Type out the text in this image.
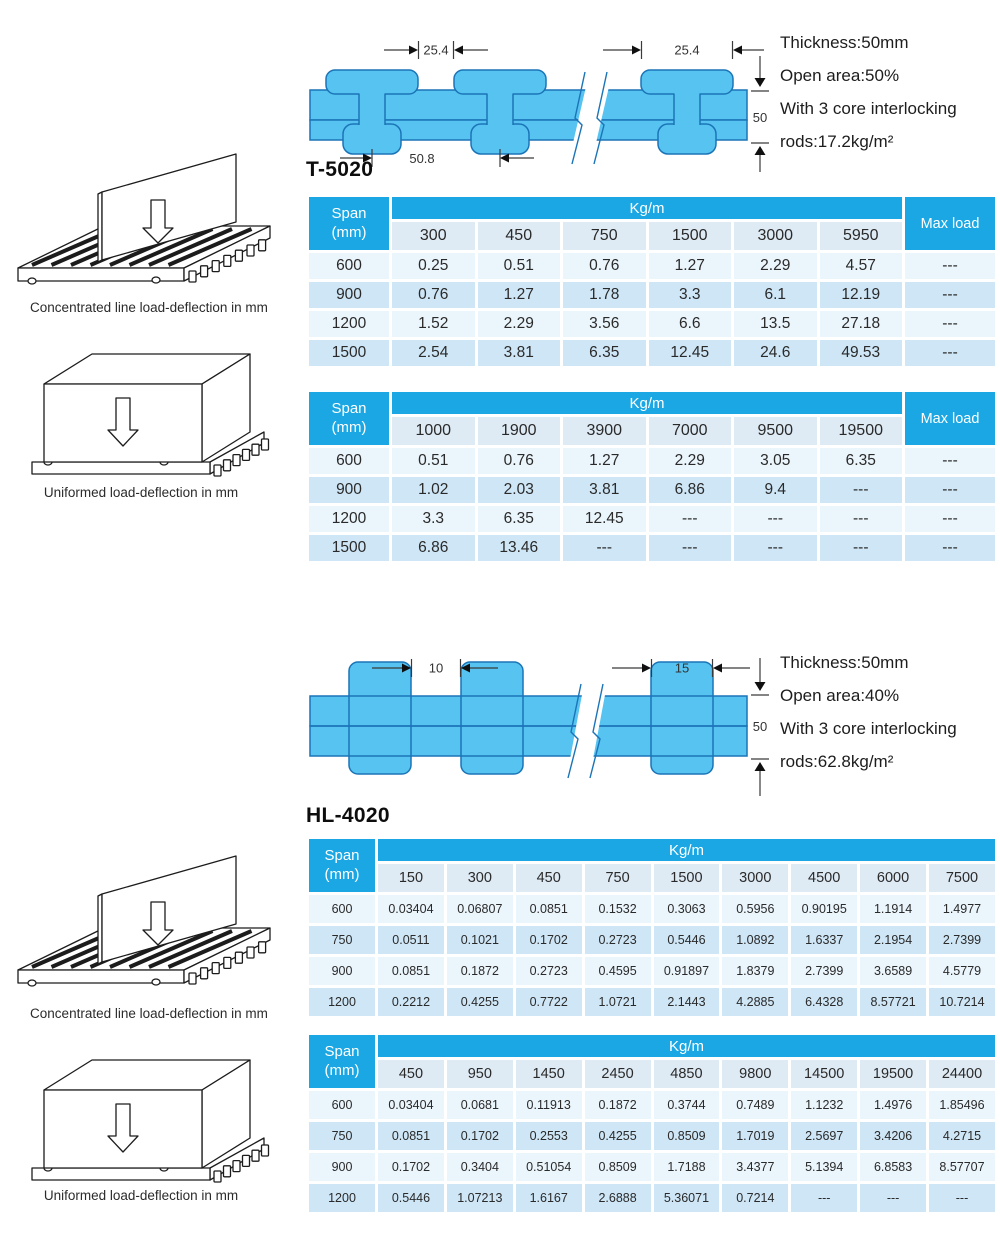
25.4	25.4
50.8
50
Thickness:50mm
Open area:50%
With 3 core interlocking
rods:17.2kg/m²
T-5020
Span
(mm)	Kg/m						Max load
	300	450	750	1500	3000	5950	
600	0.25	0.51	0.76	1.27	2.29	4.57	---
900	0.76	1.27	1.78	3.3	6.1	12.19	---
1200	1.52	2.29	3.56	6.6	13.5	27.18	---
1500	2.54	3.81	6.35	12.45	24.6	49.53	---
Span
(mm)	Kg/m						Max load
	1000	1900	3900	7000	9500	19500	
600	0.51	0.76	1.27	2.29	3.05	6.35	---
900	1.02	2.03	3.81	6.86	9.4	---	---
1200	3.3	6.35	12.45	---	---	---	---
1500	6.86	13.46	---	---	---	---	---
Concentrated line load-deflection in mm
Uniformed load-deflection in mm
10	15
50
Thickness:50mm
Open area:40%
With 3 core interlocking
rods:62.8kg/m²
HL-4020
Span
(mm)	Kg/m								
	150	300	450	750	1500	3000	4500	6000	7500
600	0.03404	0.06807	0.0851	0.1532	0.3063	0.5956	0.90195	1.1914	1.4977
750	0.0511	0.1021	0.1702	0.2723	0.5446	1.0892	1.6337	2.1954	2.7399
900	0.0851	0.1872	0.2723	0.4595	0.91897	1.8379	2.7399	3.6589	4.5779
1200	0.2212	0.4255	0.7722	1.0721	2.1443	4.2885	6.4328	8.57721	10.7214
Span
(mm)	Kg/m								
	450	950	1450	2450	4850	9800	14500	19500	24400
600	0.03404	0.0681	0.11913	0.1872	0.3744	0.7489	1.1232	1.4976	1.85496
750	0.0851	0.1702	0.2553	0.4255	0.8509	1.7019	2.5697	3.4206	4.2715
900	0.1702	0.3404	0.51054	0.8509	1.7188	3.4377	5.1394	6.8583	8.57707
1200	0.5446	1.07213	1.6167	2.6888	5.36071	0.7214	---	---	---
Concentrated line load-deflection in mm
Uniformed load-deflection in mm
